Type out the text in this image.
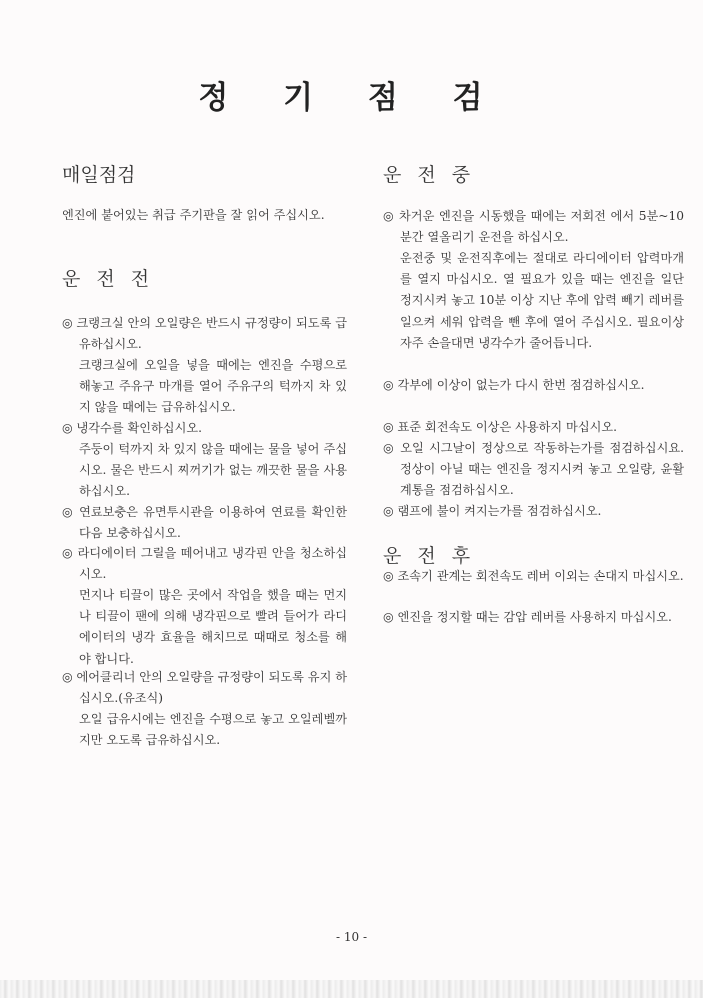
정 기 점 검
매일점검
엔진에 붙어있는 취급 주기판을 잘 읽어 주십시오.
운 전 전
◎ 크랭크실 안의 오일량은 반드시 규정량이 되도록 급유하십시오.
크랭크실에 오일을 넣을 때에는 엔진을 수평으로 해놓고 주유구 마개를 열어 주유구의 턱까지 차 있지 않을 때에는 급유하십시오.
◎ 냉각수를 확인하십시오.
주둥이 턱까지 차 있지 않을 때에는 물을 넣어 주십시오. 물은 반드시 찌꺼기가 없는 깨끗한 물을 사용하십시오.
◎ 연료보충은 유면투시관을 이용하여 연료를 확인한 다음 보충하십시오.
◎ 라디에이터 그릴을 떼어내고 냉각핀 안을 청소하십시오.
먼지나 티끌이 많은 곳에서 작업을 했을 때는 먼지나 티끌이 팬에 의해 냉각핀으로 빨려 들어가 라디에이터의 냉각 효율을 해치므로 때때로 청소를 해야 합니다.
◎ 에어클리너 안의 오일량을 규정량이 되도록 유지 하십시오.(유조식)
오일 급유시에는 엔진을 수평으로 놓고 오일레벨까지만 오도록 급유하십시오.
운 전 중
◎ 차거운 엔진을 시동했을 때에는 저회전 에서 5분~10분간 열올리기 운전을 하십시오.
운전중 및 운전직후에는 절대로 라디에이터 압력마개를 열지 마십시오. 열 필요가 있을 때는 엔진을 일단 정지시켜 놓고 10분 이상 지난 후에 압력 빼기 레버를 일으켜 세워 압력을 뺀 후에 열어 주십시오. 필요이상 자주 손을대면 냉각수가 줄어듭니다.
◎ 각부에 이상이 없는가 다시 한번 점검하십시오.
◎ 표준 회전속도 이상은 사용하지 마십시오.
◎ 오일 시그날이 정상으로 작동하는가를 점검하십시요. 정상이 아닐 때는 엔진을 정지시켜 놓고 오일량, 윤활계통을 점검하십시오.
◎ 램프에 불이 켜지는가를 점검하십시오.
운 전 후
◎ 조속기 관계는 회전속도 레버 이외는 손대지 마십시오.
◎ 엔진을 정지할 때는 감압 레버를 사용하지 마십시오.
- 10 -
